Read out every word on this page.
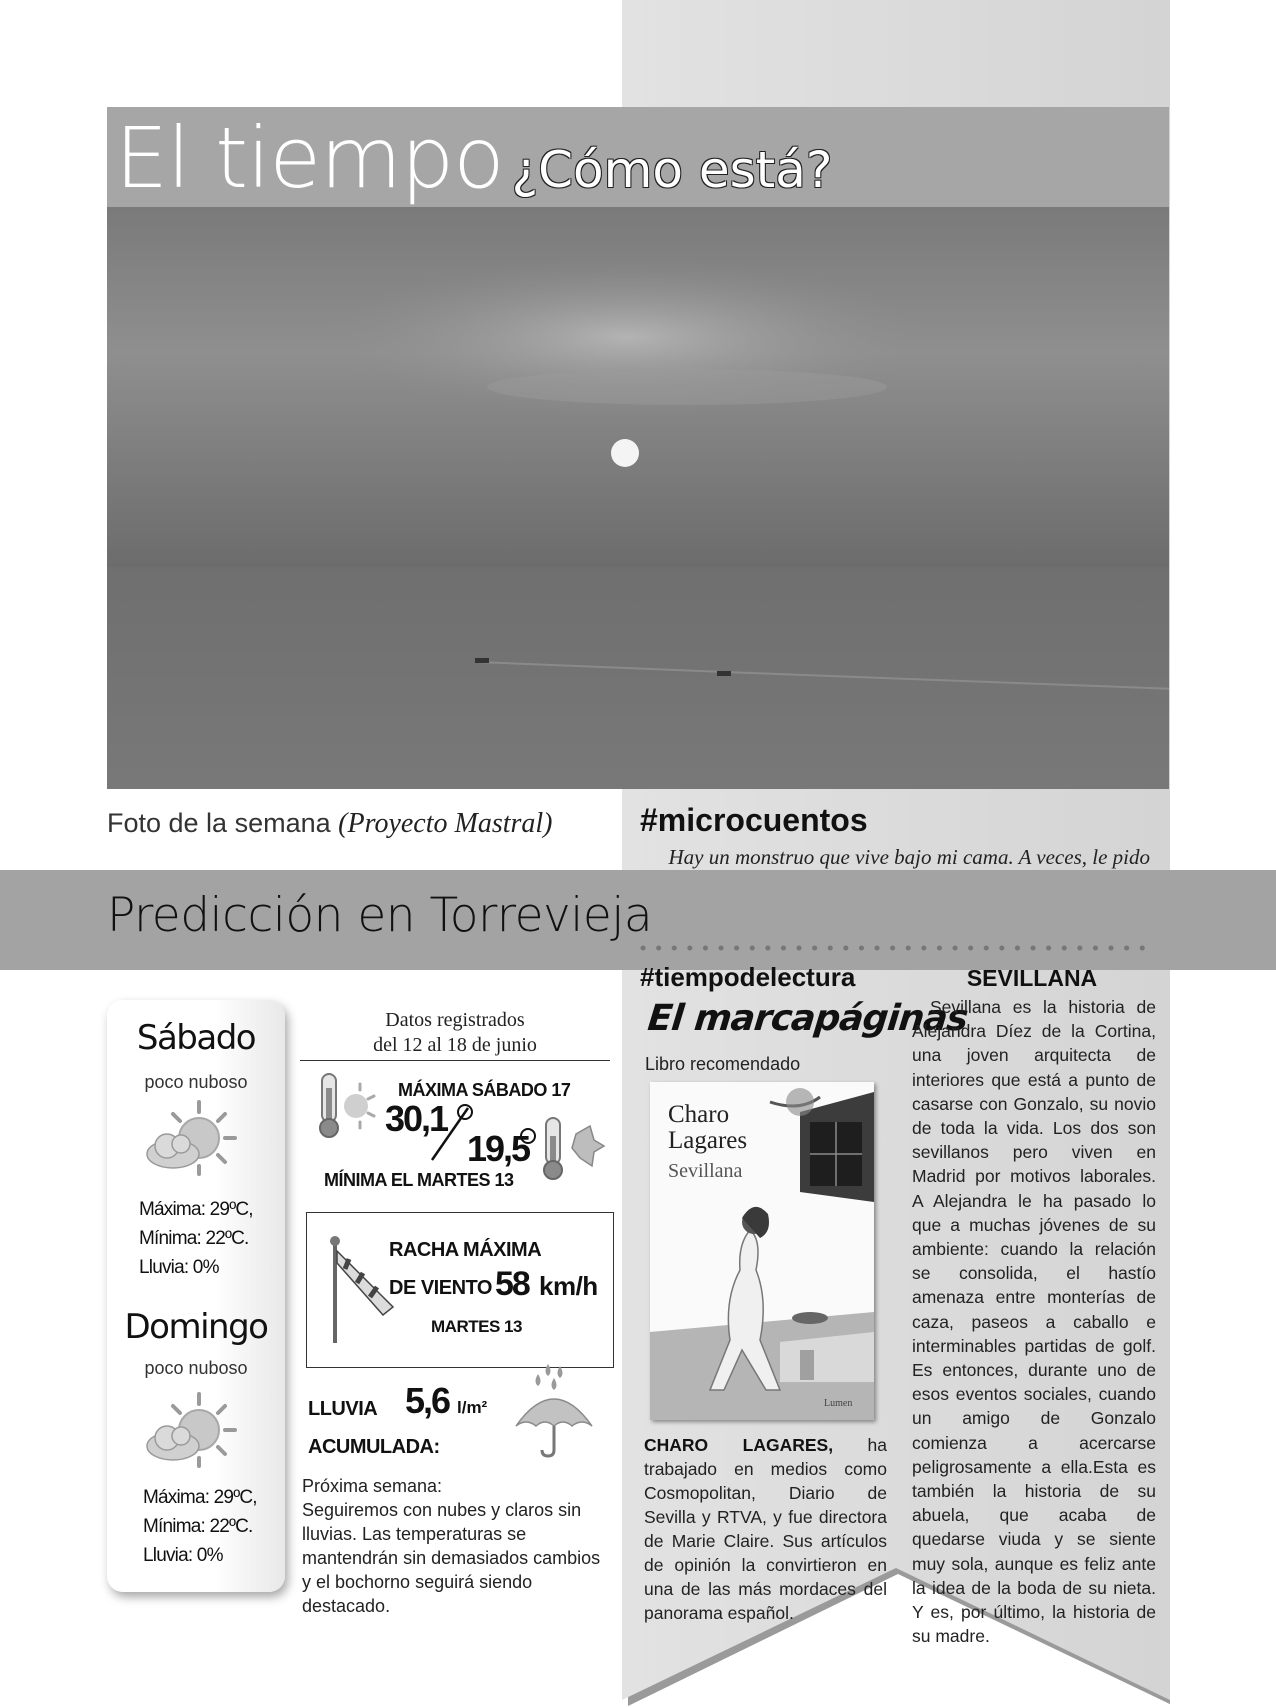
El tiempo ¿Cómo está?
Foto de la semana (Proyecto Mastral)	#microcuentos
Hay un monstruo que vive bajo mi cama. A veces, le pido
Predicción en Torrevieja
Sábado
poco nuboso
Máxima: 29ºC,
Mínima: 22ºC.
Lluvia: 0%
Domingo
poco nuboso
Máxima: 29ºC,
Mínima: 22ºC.
Lluvia: 0%
Datos registrados
del 12 al 18 de junio
MÁXIMA SÁBADO 17
30,1
19,5
MÍNIMA EL MARTES 13
RACHA MÁXIMA
DE VIENTO 58 km/h
MARTES 13
LLUVIA
ACUMULADA:
5,6 l/m²
Próxima semana:
Seguiremos con nubes y claros sin lluvias. Las temperaturas se mantendrán sin demasiados cambios y el bochorno seguirá siendo destacado.
#tiempodelectura
El marcapáginas
Libro recomendado
Charo
Lagares
Sevillana
Lumen
CHARO LAGARES, ha trabajado en medios como Cosmopolitan, Diario de Sevilla y RTVA, y fue directora de Marie Claire. Sus artículos de opinión la convirtieron en una de las más mordaces del panorama español.
SEVILLANA
Sevillana es la historia de Alejandra Díez de la Cortina, una joven arquitecta de interiores que está a punto de casarse con Gonzalo, su novio de toda la vida. Los dos son sevillanos pero viven en Madrid por motivos laborales. A Alejandra le ha pasado lo que a muchas jóvenes de su ambiente: cuando la relación se consolida, el hastío amenaza entre monterías de caza, paseos a caballo e interminables partidas de golf. Es entonces, durante uno de esos eventos sociales, cuando un amigo de Gonzalo comienza a acercarse peligrosamente a ella.Esta es también la historia de su abuela, que acaba de quedarse viuda y se siente muy sola, aunque es feliz ante la idea de la boda de su nieta. Y es, por último, la historia de su madre.
